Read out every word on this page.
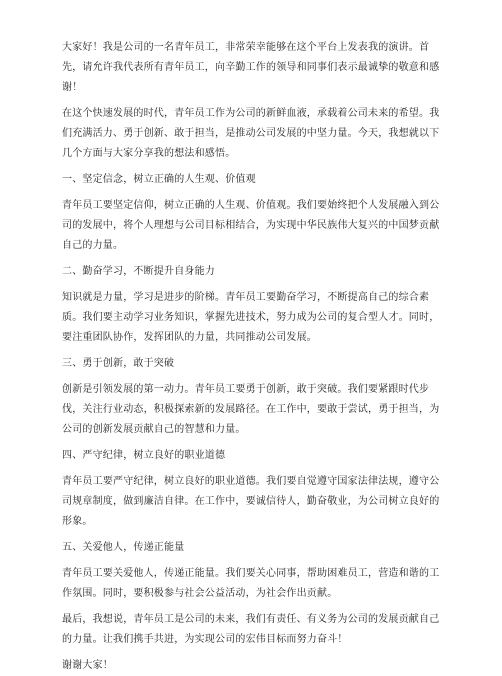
大家好！我是公司的一名青年员工，非常荣幸能够在这个平台上发表我的演讲。首先，请允许我代表所有青年员工，向辛勤工作的领导和同事们表示最诚挚的敬意和感谢！

在这个快速发展的时代，青年员工作为公司的新鲜血液，承载着公司未来的希望。我们充满活力、勇于创新、敢于担当，是推动公司发展的中坚力量。今天，我想就以下几个方面与大家分享我的想法和感悟。

一、坚定信念，树立正确的人生观、价值观

青年员工要坚定信仰，树立正确的人生观、价值观。我们要始终把个人发展融入到公司的发展中，将个人理想与公司目标相结合，为实现中华民族伟大复兴的中国梦贡献自己的力量。

二、勤奋学习，不断提升自身能力

知识就是力量，学习是进步的阶梯。青年员工要勤奋学习，不断提高自己的综合素质。我们要主动学习业务知识，掌握先进技术，努力成为公司的复合型人才。同时，要注重团队协作，发挥团队的力量，共同推动公司发展。

三、勇于创新，敢于突破

创新是引领发展的第一动力。青年员工要勇于创新，敢于突破。我们要紧跟时代步伐，关注行业动态，积极探索新的发展路径。在工作中，要敢于尝试，勇于担当，为公司的创新发展贡献自己的智慧和力量。

四、严守纪律，树立良好的职业道德

青年员工要严守纪律，树立良好的职业道德。我们要自觉遵守国家法律法规，遵守公司规章制度，做到廉洁自律。在工作中，要诚信待人，勤奋敬业，为公司树立良好的形象。

五、关爱他人，传递正能量

青年员工要关爱他人，传递正能量。我们要关心同事，帮助困难员工，营造和谐的工作氛围。同时，要积极参与社会公益活动，为社会作出贡献。

最后，我想说，青年员工是公司的未来，我们有责任、有义务为公司的发展贡献自己的力量。让我们携手共进，为实现公司的宏伟目标而努力奋斗！

谢谢大家！
